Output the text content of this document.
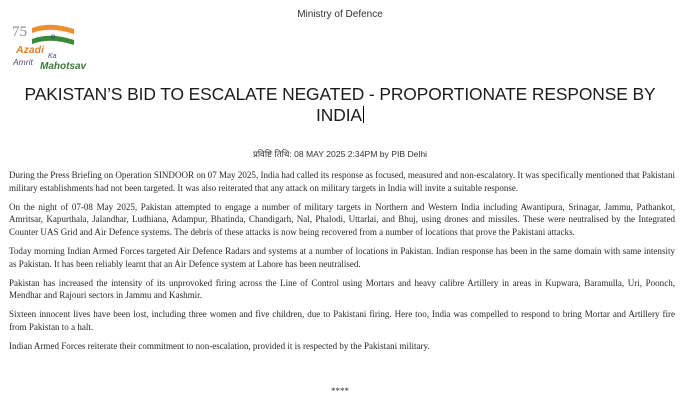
Ministry of Defence
75
Azadi
Ka
Amrit Mahotsav
PAKISTAN’S BID TO ESCALATE NEGATED - PROPORTIONATE RESPONSE BY INDIA
प्रविष्टि तिथि: 08 MAY 2025 2:34PM by PIB Delhi

During the Press Briefing on Operation SINDOOR on 07 May 2025, India had called its response as focused, measured and non-escalatory. It was specifically mentioned that Pakistani military establishments had not been targeted. It was also reiterated that any attack on military targets in India will invite a suitable response.

On the night of 07-08 May 2025, Pakistan attempted to engage a number of military targets in Northern and Western India including Awantipura, Srinagar, Jammu, Pathankot, Amritsar, Kapurthala, Jalandhar, Ludhiana, Adampur, Bhatinda, Chandigarh, Nal, Phalodi, Uttarlai, and Bhuj, using drones and missiles. These were neutralised by the Integrated Counter UAS Grid and Air Defence systems. The debris of these attacks is now being recovered from a number of locations that prove the Pakistani attacks.

Today morning Indian Armed Forces targeted Air Defence Radars and systems at a number of locations in Pakistan. Indian response has been in the same domain with same intensity as Pakistan. It has been reliably learnt that an Air Defence system at Lahore has been neutralised.

Pakistan has increased the intensity of its unprovoked firing across the Line of Control using Mortars and heavy calibre Artillery in areas in Kupwara, Baramulla, Uri, Poonch, Mendhar and Rajouri sectors in Jammu and Kashmir.

Sixteen innocent lives have been lost, including three women and five children, due to Pakistani firing. Here too, India was compelled to respond to bring Mortar and Artillery fire from Pakistan to a halt.

Indian Armed Forces reiterate their commitment to non-escalation, provided it is respected by the Pakistani military.

****
